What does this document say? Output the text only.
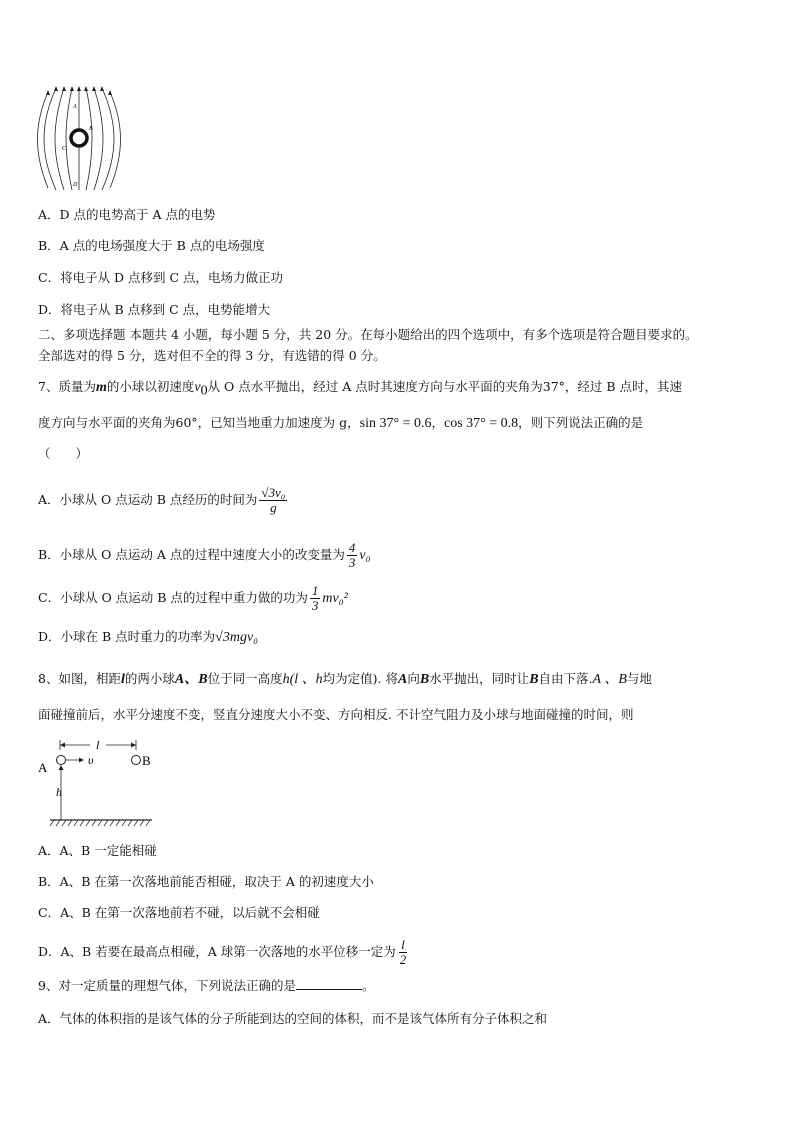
A
B
C
D
A．D 点的电势高于 A 点的电势
B．A 点的电场强度大于 B 点的电场强度
C．将电子从 D 点移到 C 点，电场力做正功
D．将电子从 B 点移到 C 点，电势能增大
二、多项选择题 本题共 4 小题，每小题 5 分，共 20 分。在每小题给出的四个选项中，有多个选项是符合题目要求的。
全部选对的得 5 分，选对但不全的得 3 分，有选错的得 0 分。
7、质量为m的小球以初速度$v_0$从 O 点水平抛出，经过 A 点时其速度方向与水平面的夹角为37°，经过 B 点时，其速
度方向与水平面的夹角为60°，已知当地重力加速度为 g，sin 37° = 0.6，cos 37° = 0.8，则下列说法正确的是
（　　）
A．小球从 O 点运动 B 点经历的时间为 $\frac{\text{√3v₀}}{g}$
B．小球从 O 点运动 A 点的过程中速度大小的改变量为 $\frac{4}{3} v_0$
C．小球从 O 点运动 B 点的过程中重力做的功为 $\frac{1}{3} mv_0^2$
D．小球在 B 点时重力的功率为√3mgv₀
8、如图，相距l的两小球A、B位于同一高度h(l 、h均为定值). 将A向B水平抛出，同时让B自由下落.A 、B与地
面碰撞前后，水平分速度不变，竖直分速度大小不变、方向相反. 不计空气阻力及小球与地面碰撞的时间，则
l
A	υ	B
h
A．A、B 一定能相碰
B．A、B 在第一次落地前能否相碰，取决于 A 的初速度大小
C．A、B 在第一次落地前若不碰，以后就不会相碰
D．A、B 若要在最高点相碰，A 球第一次落地的水平位移一定为 $\frac{l}{2}$
9、对一定质量的理想气体，下列说法正确的是	。
A．气体的体积指的是该气体的分子所能到达的空间的体积，而不是该气体所有分子体积之和
